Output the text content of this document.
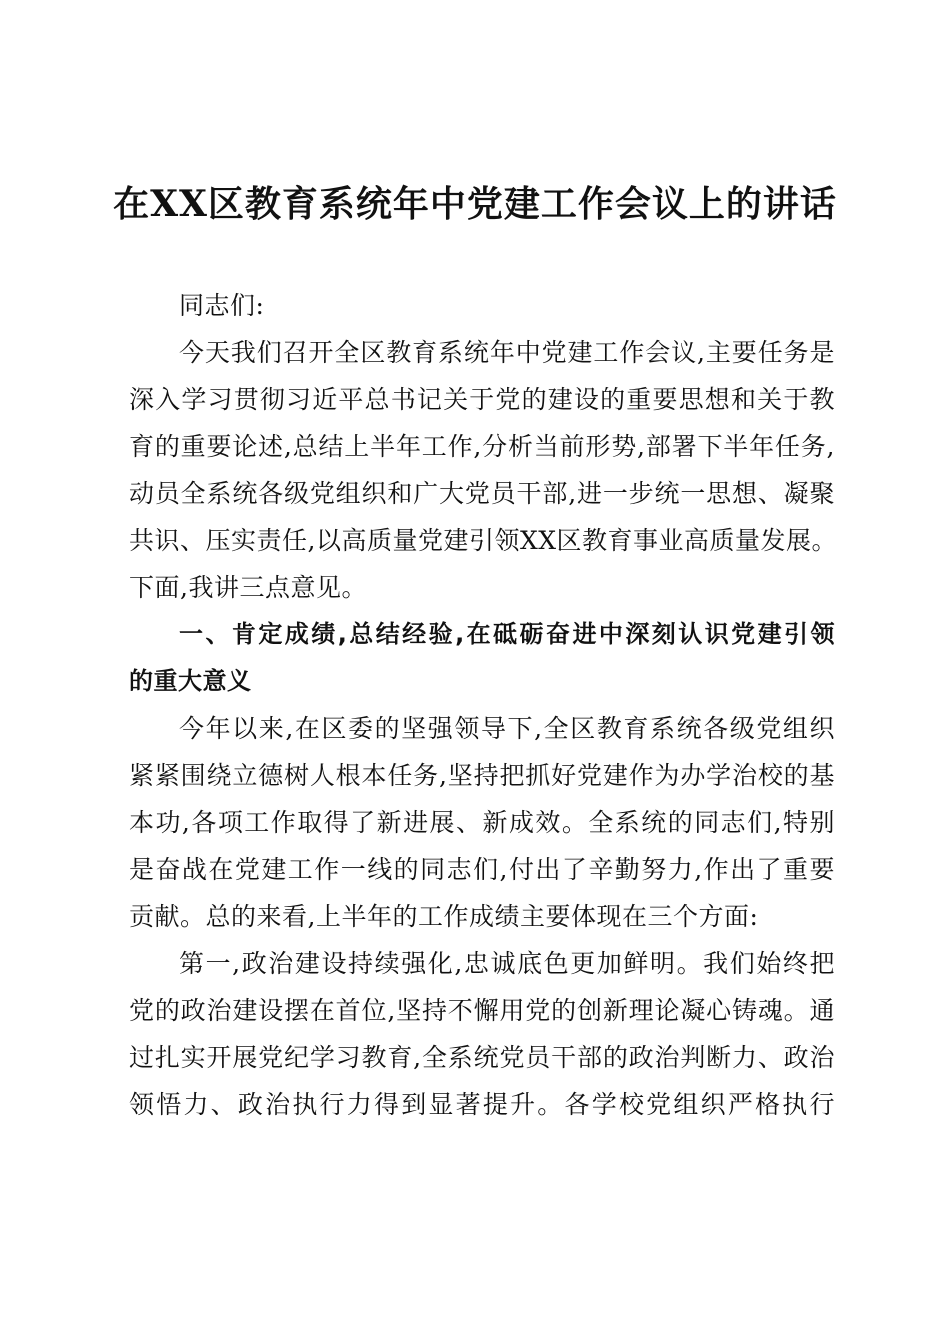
在XX区教育系统年中党建工作会议上的讲话
同志们:
今天我们召开全区教育系统年中党建工作会议,主要任务是
深入学习贯彻习近平总书记关于党的建设的重要思想和关于教
育的重要论述,总结上半年工作,分析当前形势,部署下半年任务,
动员全系统各级党组织和广大党员干部,进一步统一思想、凝聚
共识、压实责任,以高质量党建引领XX区教育事业高质量发展。
下面,我讲三点意见。
一、肯定成绩,总结经验,在砥砺奋进中深刻认识党建引领
的重大意义
今年以来,在区委的坚强领导下,全区教育系统各级党组织
紧紧围绕立德树人根本任务,坚持把抓好党建作为办学治校的基
本功,各项工作取得了新进展、新成效。全系统的同志们,特别
是奋战在党建工作一线的同志们,付出了辛勤努力,作出了重要
贡献。总的来看,上半年的工作成绩主要体现在三个方面:
第一,政治建设持续强化,忠诚底色更加鲜明。我们始终把
党的政治建设摆在首位,坚持不懈用党的创新理论凝心铸魂。通
过扎实开展党纪学习教育,全系统党员干部的政治判断力、政治
领悟力、政治执行力得到显著提升。各学校党组织严格执行
